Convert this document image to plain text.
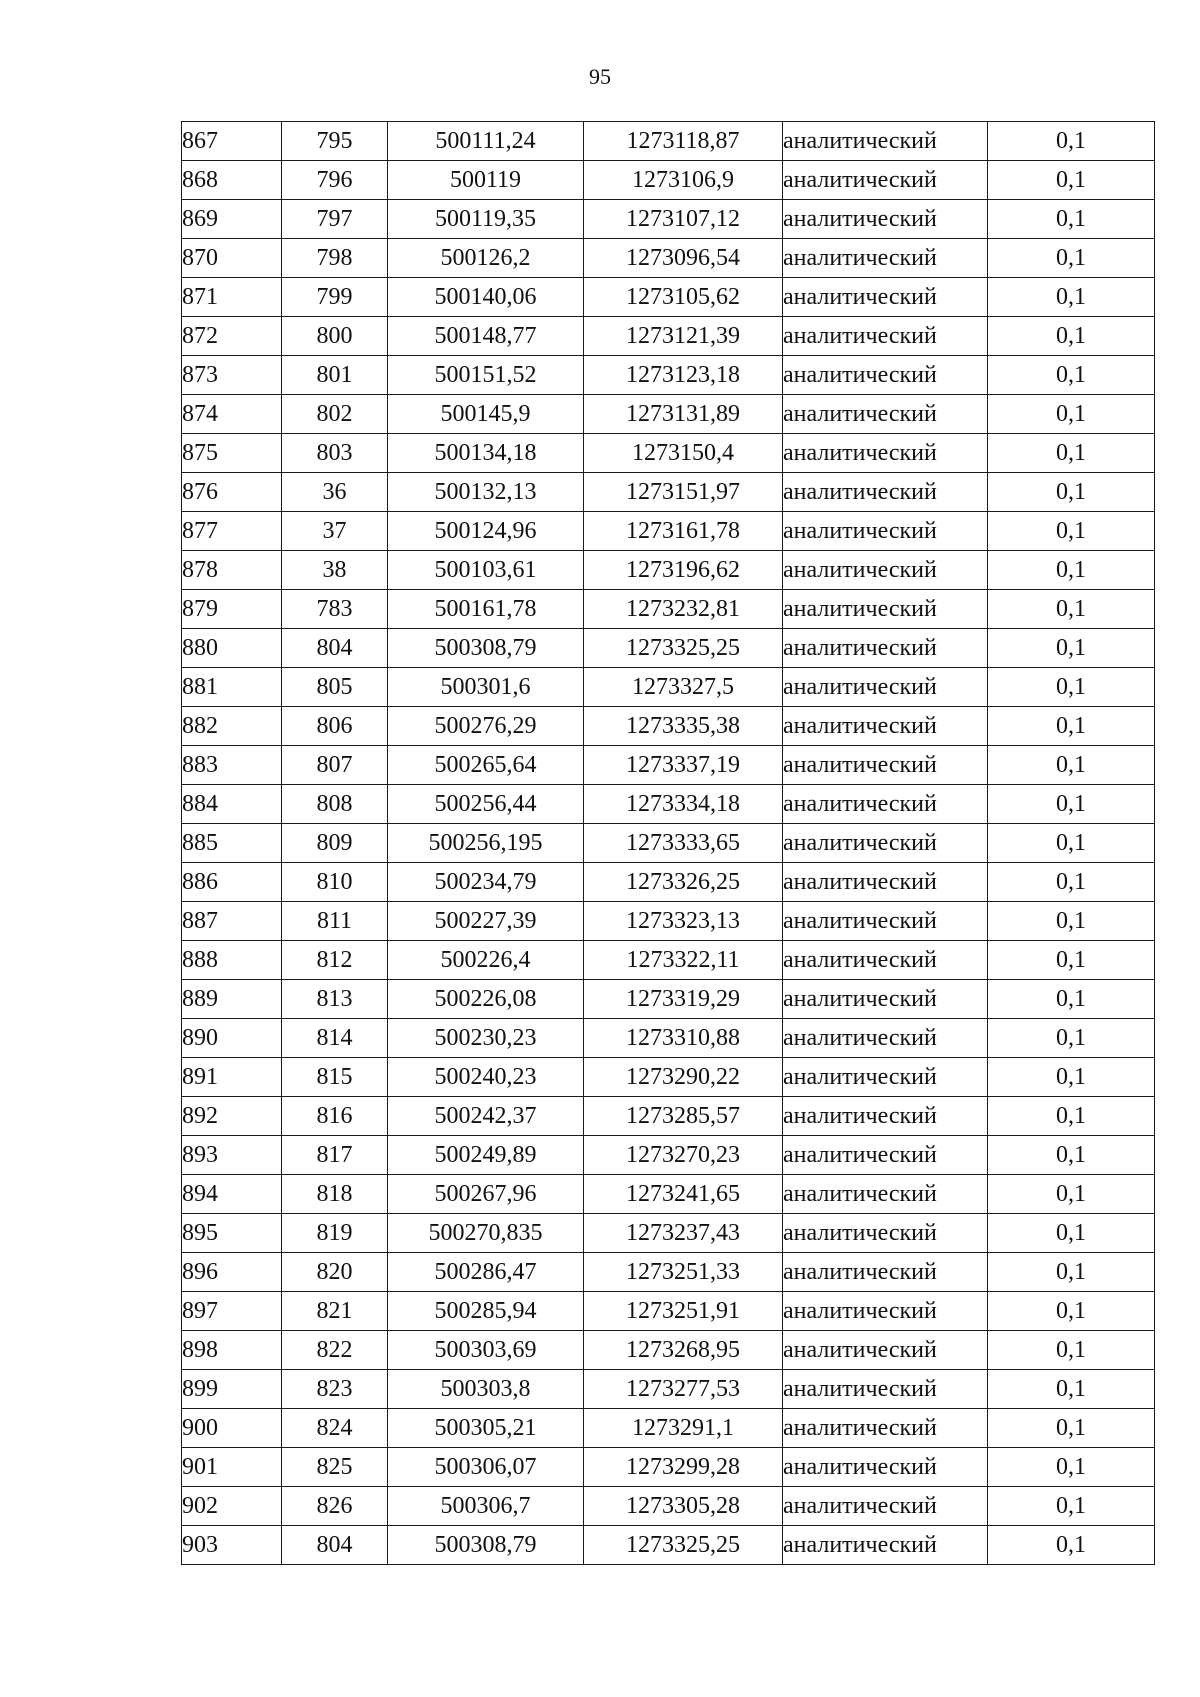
95
867	795	500111,24	1273118,87	аналитический	0,1
868	796	500119	1273106,9	аналитический	0,1
869	797	500119,35	1273107,12	аналитический	0,1
870	798	500126,2	1273096,54	аналитический	0,1
871	799	500140,06	1273105,62	аналитический	0,1
872	800	500148,77	1273121,39	аналитический	0,1
873	801	500151,52	1273123,18	аналитический	0,1
874	802	500145,9	1273131,89	аналитический	0,1
875	803	500134,18	1273150,4	аналитический	0,1
876	36	500132,13	1273151,97	аналитический	0,1
877	37	500124,96	1273161,78	аналитический	0,1
878	38	500103,61	1273196,62	аналитический	0,1
879	783	500161,78	1273232,81	аналитический	0,1
880	804	500308,79	1273325,25	аналитический	0,1
881	805	500301,6	1273327,5	аналитический	0,1
882	806	500276,29	1273335,38	аналитический	0,1
883	807	500265,64	1273337,19	аналитический	0,1
884	808	500256,44	1273334,18	аналитический	0,1
885	809	500256,195	1273333,65	аналитический	0,1
886	810	500234,79	1273326,25	аналитический	0,1
887	811	500227,39	1273323,13	аналитический	0,1
888	812	500226,4	1273322,11	аналитический	0,1
889	813	500226,08	1273319,29	аналитический	0,1
890	814	500230,23	1273310,88	аналитический	0,1
891	815	500240,23	1273290,22	аналитический	0,1
892	816	500242,37	1273285,57	аналитический	0,1
893	817	500249,89	1273270,23	аналитический	0,1
894	818	500267,96	1273241,65	аналитический	0,1
895	819	500270,835	1273237,43	аналитический	0,1
896	820	500286,47	1273251,33	аналитический	0,1
897	821	500285,94	1273251,91	аналитический	0,1
898	822	500303,69	1273268,95	аналитический	0,1
899	823	500303,8	1273277,53	аналитический	0,1
900	824	500305,21	1273291,1	аналитический	0,1
901	825	500306,07	1273299,28	аналитический	0,1
902	826	500306,7	1273305,28	аналитический	0,1
903	804	500308,79	1273325,25	аналитический	0,1
